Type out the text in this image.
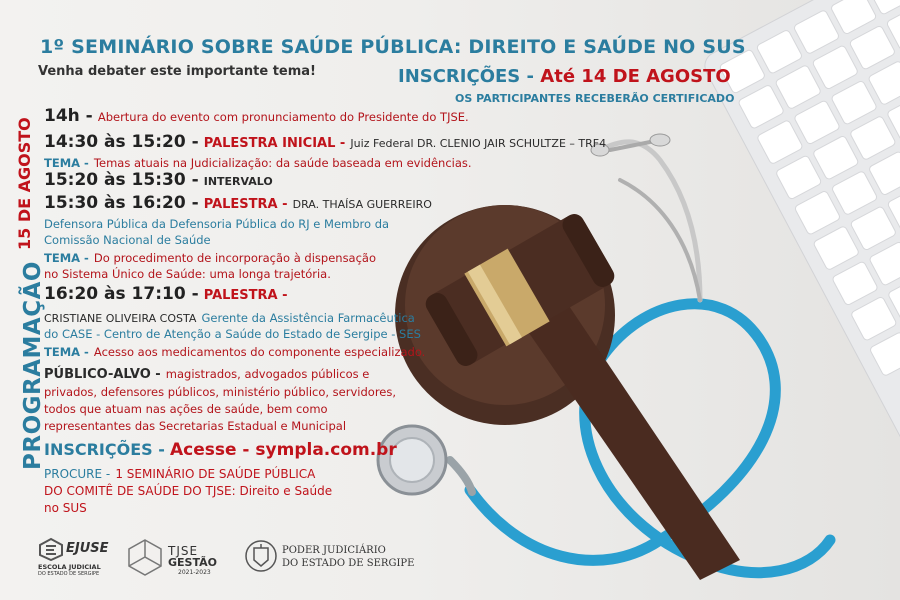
1º SEMINÁRIO SOBRE SAÚDE PÚBLICA: DIREITO E SAÚDE NO SUS
Venha debater este importante tema!	INSCRIÇÕES - Até 14 DE AGOSTO
OS PARTICIPANTES RECEBERÃO CERTIFICADO
PROGRAMAÇÃO
15 DE AGOSTO
14h - Abertura do evento com pronunciamento do Presidente do TJSE.
14:30 às 15:20 - PALESTRA INICIAL - Juiz Federal DR. CLENIO JAIR SCHULTZE – TRF4
TEMA - Temas atuais na Judicialização: da saúde baseada em evidências.
15:20 às 15:30 - INTERVALO
15:30 às 16:20 - PALESTRA - DRA. THAÍSA GUERREIRO
Defensora Pública da Defensoria Pública do RJ e Membro da
Comissão Nacional de Saúde
TEMA - Do procedimento de incorporação à dispensação
no Sistema Único de Saúde: uma longa trajetória.
16:20 às 17:10 - PALESTRA -
CRISTIANE OLIVEIRA COSTA Gerente da Assistência Farmacêutica
do CASE - Centro de Atenção a Saúde do Estado de Sergipe - SES
TEMA - Acesso aos medicamentos do componente especializado.
PÚBLICO-ALVO - magistrados, advogados públicos e
privados, defensores públicos, ministério público, servidores,
todos que atuam nas ações de saúde, bem como
representantes das Secretarias Estadual e Municipal
INSCRIÇÕES - Acesse - sympla.com.br
PROCURE - 1 SEMINÁRIO DE SAÚDE PÚBLICA
DO COMITÊ DE SAÚDE DO TJSE: Direito e Saúde
no SUS
EJUSE
ESCOLA JUDICIAL
DO ESTADO DE SERGIPE
TJSE
GESTÃO
2021-2023
PODER JUDICIÁRIO
DO ESTADO DE SERGIPE
